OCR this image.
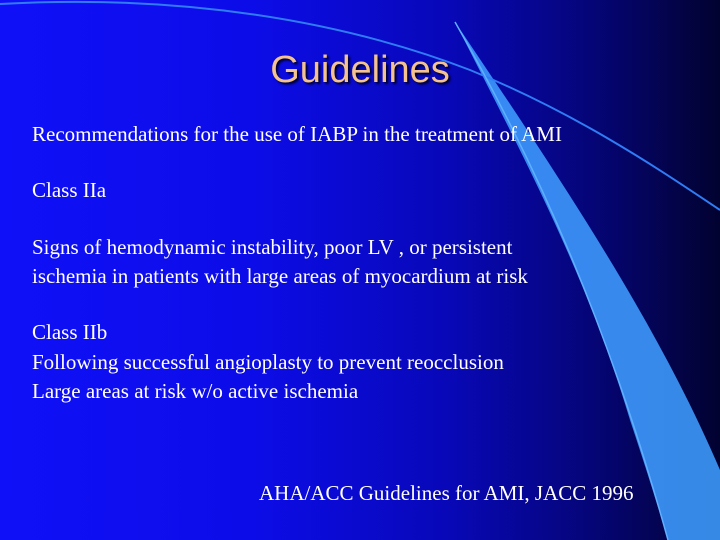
Guidelines
Recommendations for the use of IABP in the treatment of AMI
Class IIa
Signs of hemodynamic instability, poor LV , or persistent
ischemia in patients with large areas of myocardium at risk
Class IIb
Following successful angioplasty to prevent reocclusion
Large areas at risk w/o active ischemia
AHA/ACC Guidelines for AMI, JACC 1996
